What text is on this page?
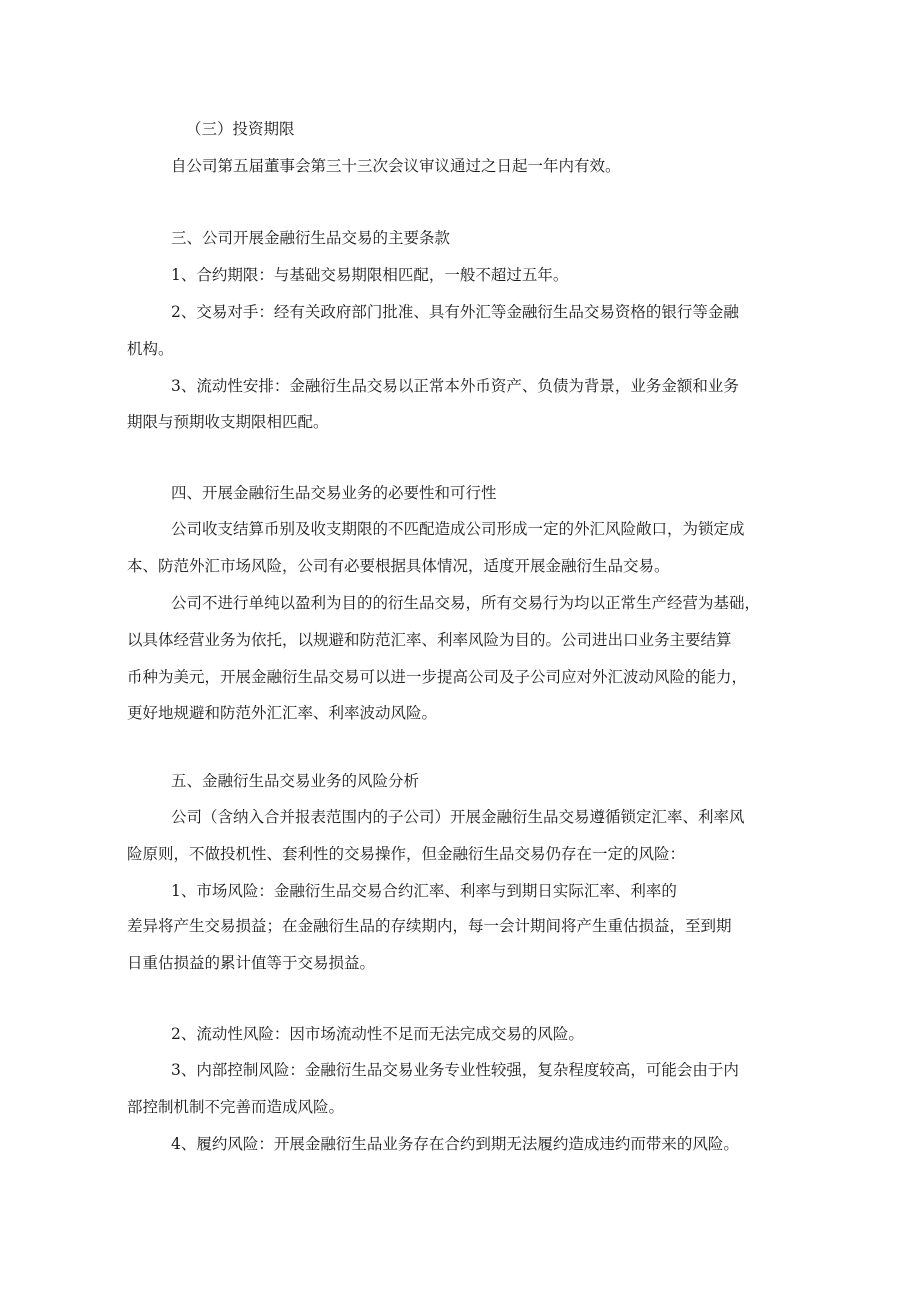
（三）投资期限
自公司第五届董事会第三十三次会议审议通过之日起一年内有效。
三、公司开展金融衍生品交易的主要条款
1、合约期限：与基础交易期限相匹配，一般不超过五年。
2、交易对手：经有关政府部门批准、具有外汇等金融衍生品交易资格的银行等金融
机构。
3、流动性安排：金融衍生品交易以正常本外币资产、负债为背景，业务金额和业务
期限与预期收支期限相匹配。
四、开展金融衍生品交易业务的必要性和可行性
公司收支结算币别及收支期限的不匹配造成公司形成一定的外汇风险敞口，为锁定成
本、防范外汇市场风险，公司有必要根据具体情况，适度开展金融衍生品交易。
公司不进行单纯以盈利为目的的衍生品交易，所有交易行为均以正常生产经营为基础，
以具体经营业务为依托，以规避和防范汇率、利率风险为目的。公司进出口业务主要结算
币种为美元，开展金融衍生品交易可以进一步提高公司及子公司应对外汇波动风险的能力，
更好地规避和防范外汇汇率、利率波动风险。
五、金融衍生品交易业务的风险分析
公司（含纳入合并报表范围内的子公司）开展金融衍生品交易遵循锁定汇率、利率风
险原则，不做投机性、套利性的交易操作，但金融衍生品交易仍存在一定的风险：
1、市场风险：金融衍生品交易合约汇率、利率与到期日实际汇率、利率的
差异将产生交易损益；在金融衍生品的存续期内，每一会计期间将产生重估损益，至到期
日重估损益的累计值等于交易损益。
2、流动性风险：因市场流动性不足而无法完成交易的风险。
3、内部控制风险：金融衍生品交易业务专业性较强，复杂程度较高，可能会由于内
部控制机制不完善而造成风险。
4、履约风险：开展金融衍生品业务存在合约到期无法履约造成违约而带来的风险。
